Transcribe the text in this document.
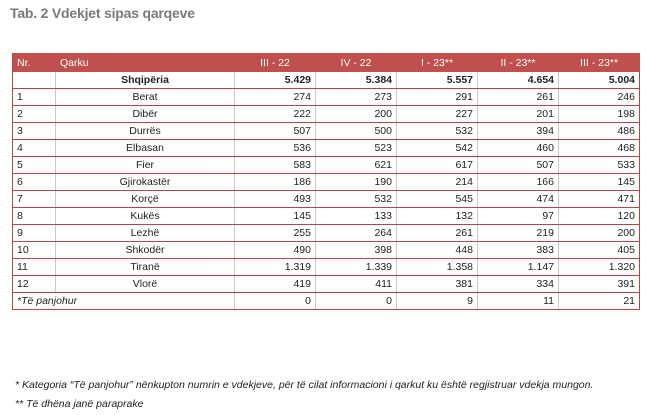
Tab. 2 Vdekjet sipas qarqeve
Nr.	Qarku	III - 22	IV - 22	I - 23**	II - 23**	III - 23**
	Shqipëria	5.429	5.384	5.557	4.654	5.004
1	Berat	274	273	291	261	246
2	Dibër	222	200	227	201	198
3	Durrës	507	500	532	394	486
4	Elbasan	536	523	542	460	468
5	Fier	583	621	617	507	533
6	Gjirokastër	186	190	214	166	145
7	Korçë	493	532	545	474	471
8	Kukës	145	133	132	97	120
9	Lezhë	255	264	261	219	200
10	Shkodër	490	398	448	383	405
11	Tiranë	1.319	1.339	1.358	1.147	1.320
12	Vlorë	419	411	381	334	391
*Të panjohur		0	0	9	11	21
* Kategoria “Të panjohur” nënkupton numrin e vdekjeve, për të cilat informacioni i qarkut ku është regjistruar vdekja mungon.
** Të dhëna janë paraprake
